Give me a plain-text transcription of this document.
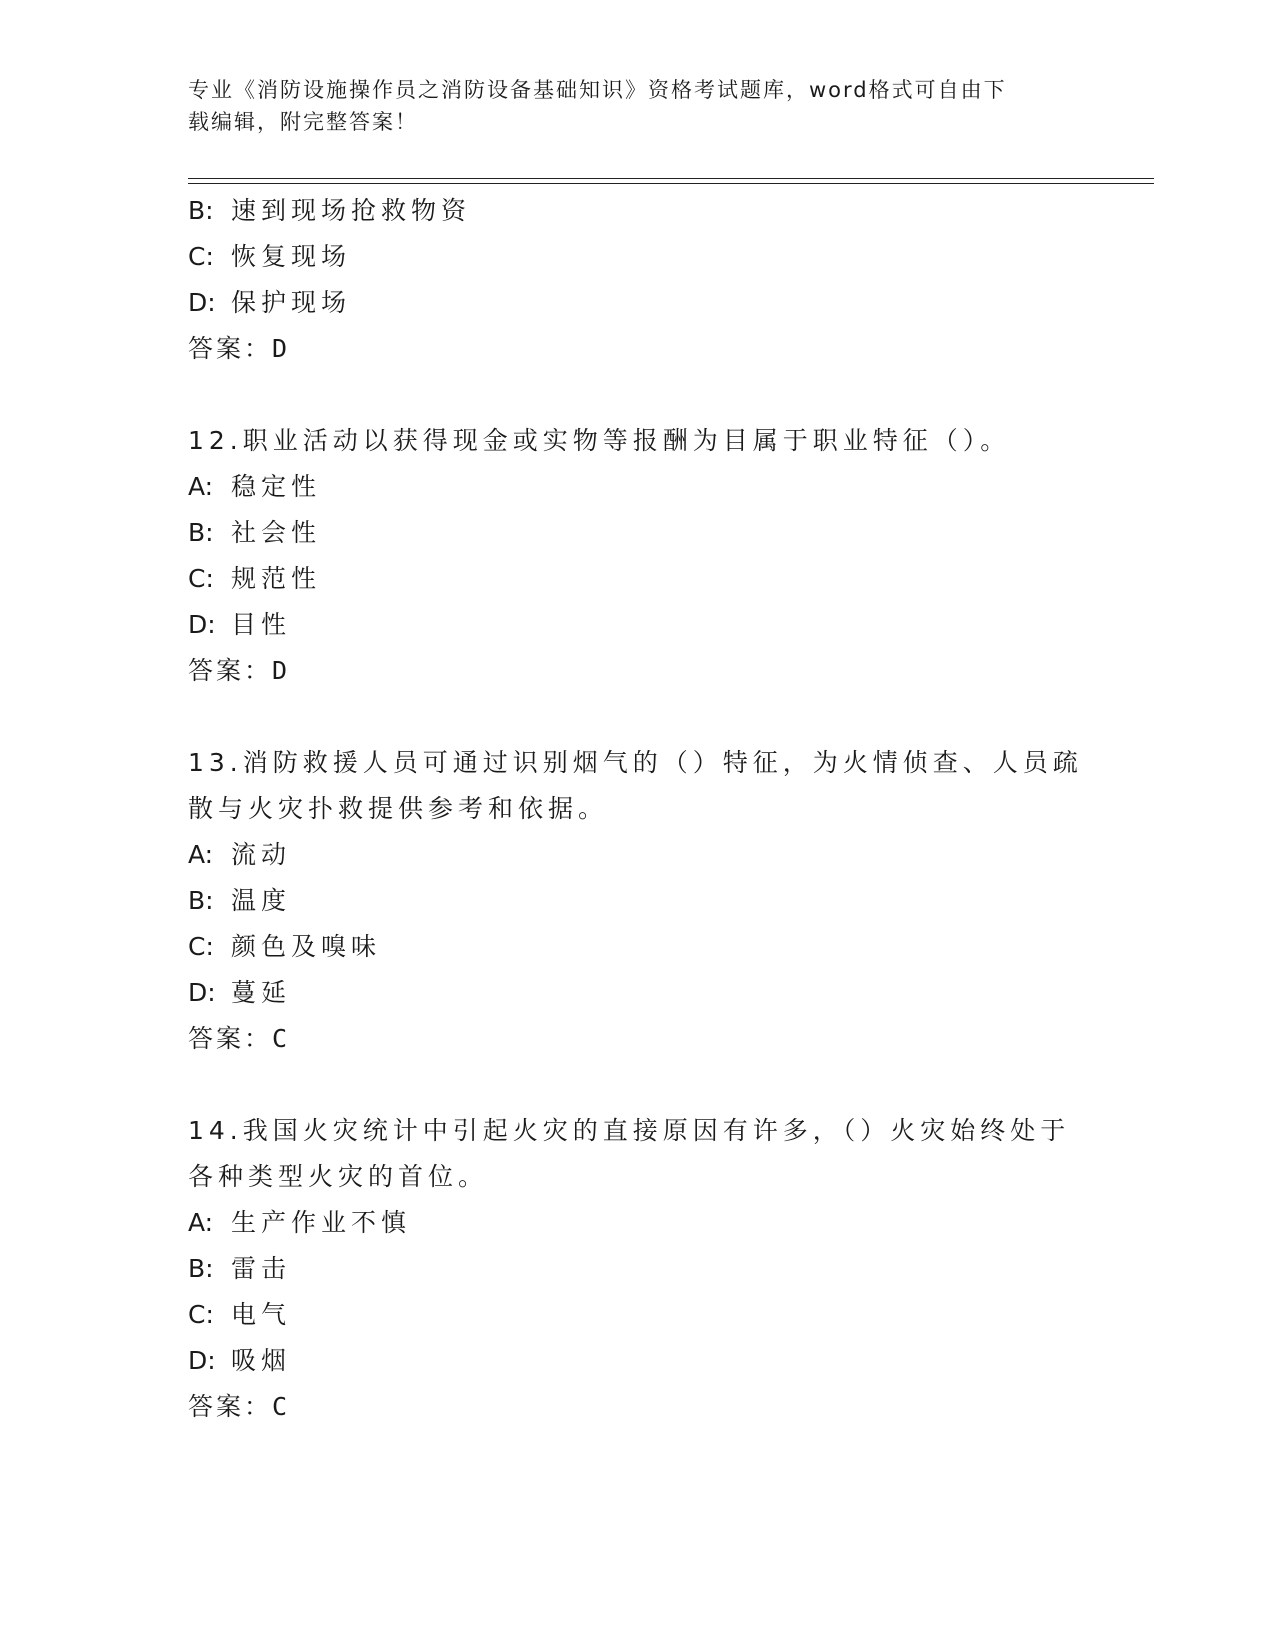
专业《消防设施操作员之消防设备基础知识》资格考试题库，word格式可自由下
载编辑，附完整答案！
B: 速到现场抢救物资
C: 恢复现场
D: 保护现场
答案：D
12.职业活动以获得现金或实物等报酬为目属于职业特征（）。
A: 稳定性
B: 社会性
C: 规范性
D: 目性
答案：D
13.消防救援人员可通过识别烟气的（）特征，为火情侦查、人员疏散与火灾扑救提供参考和依据。
A: 流动
B: 温度
C: 颜色及嗅味
D: 蔓延
答案：C
14.我国火灾统计中引起火灾的直接原因有许多，（）火灾始终处于各种类型火灾的首位。
A: 生产作业不慎
B: 雷击
C: 电气
D: 吸烟
答案：C
